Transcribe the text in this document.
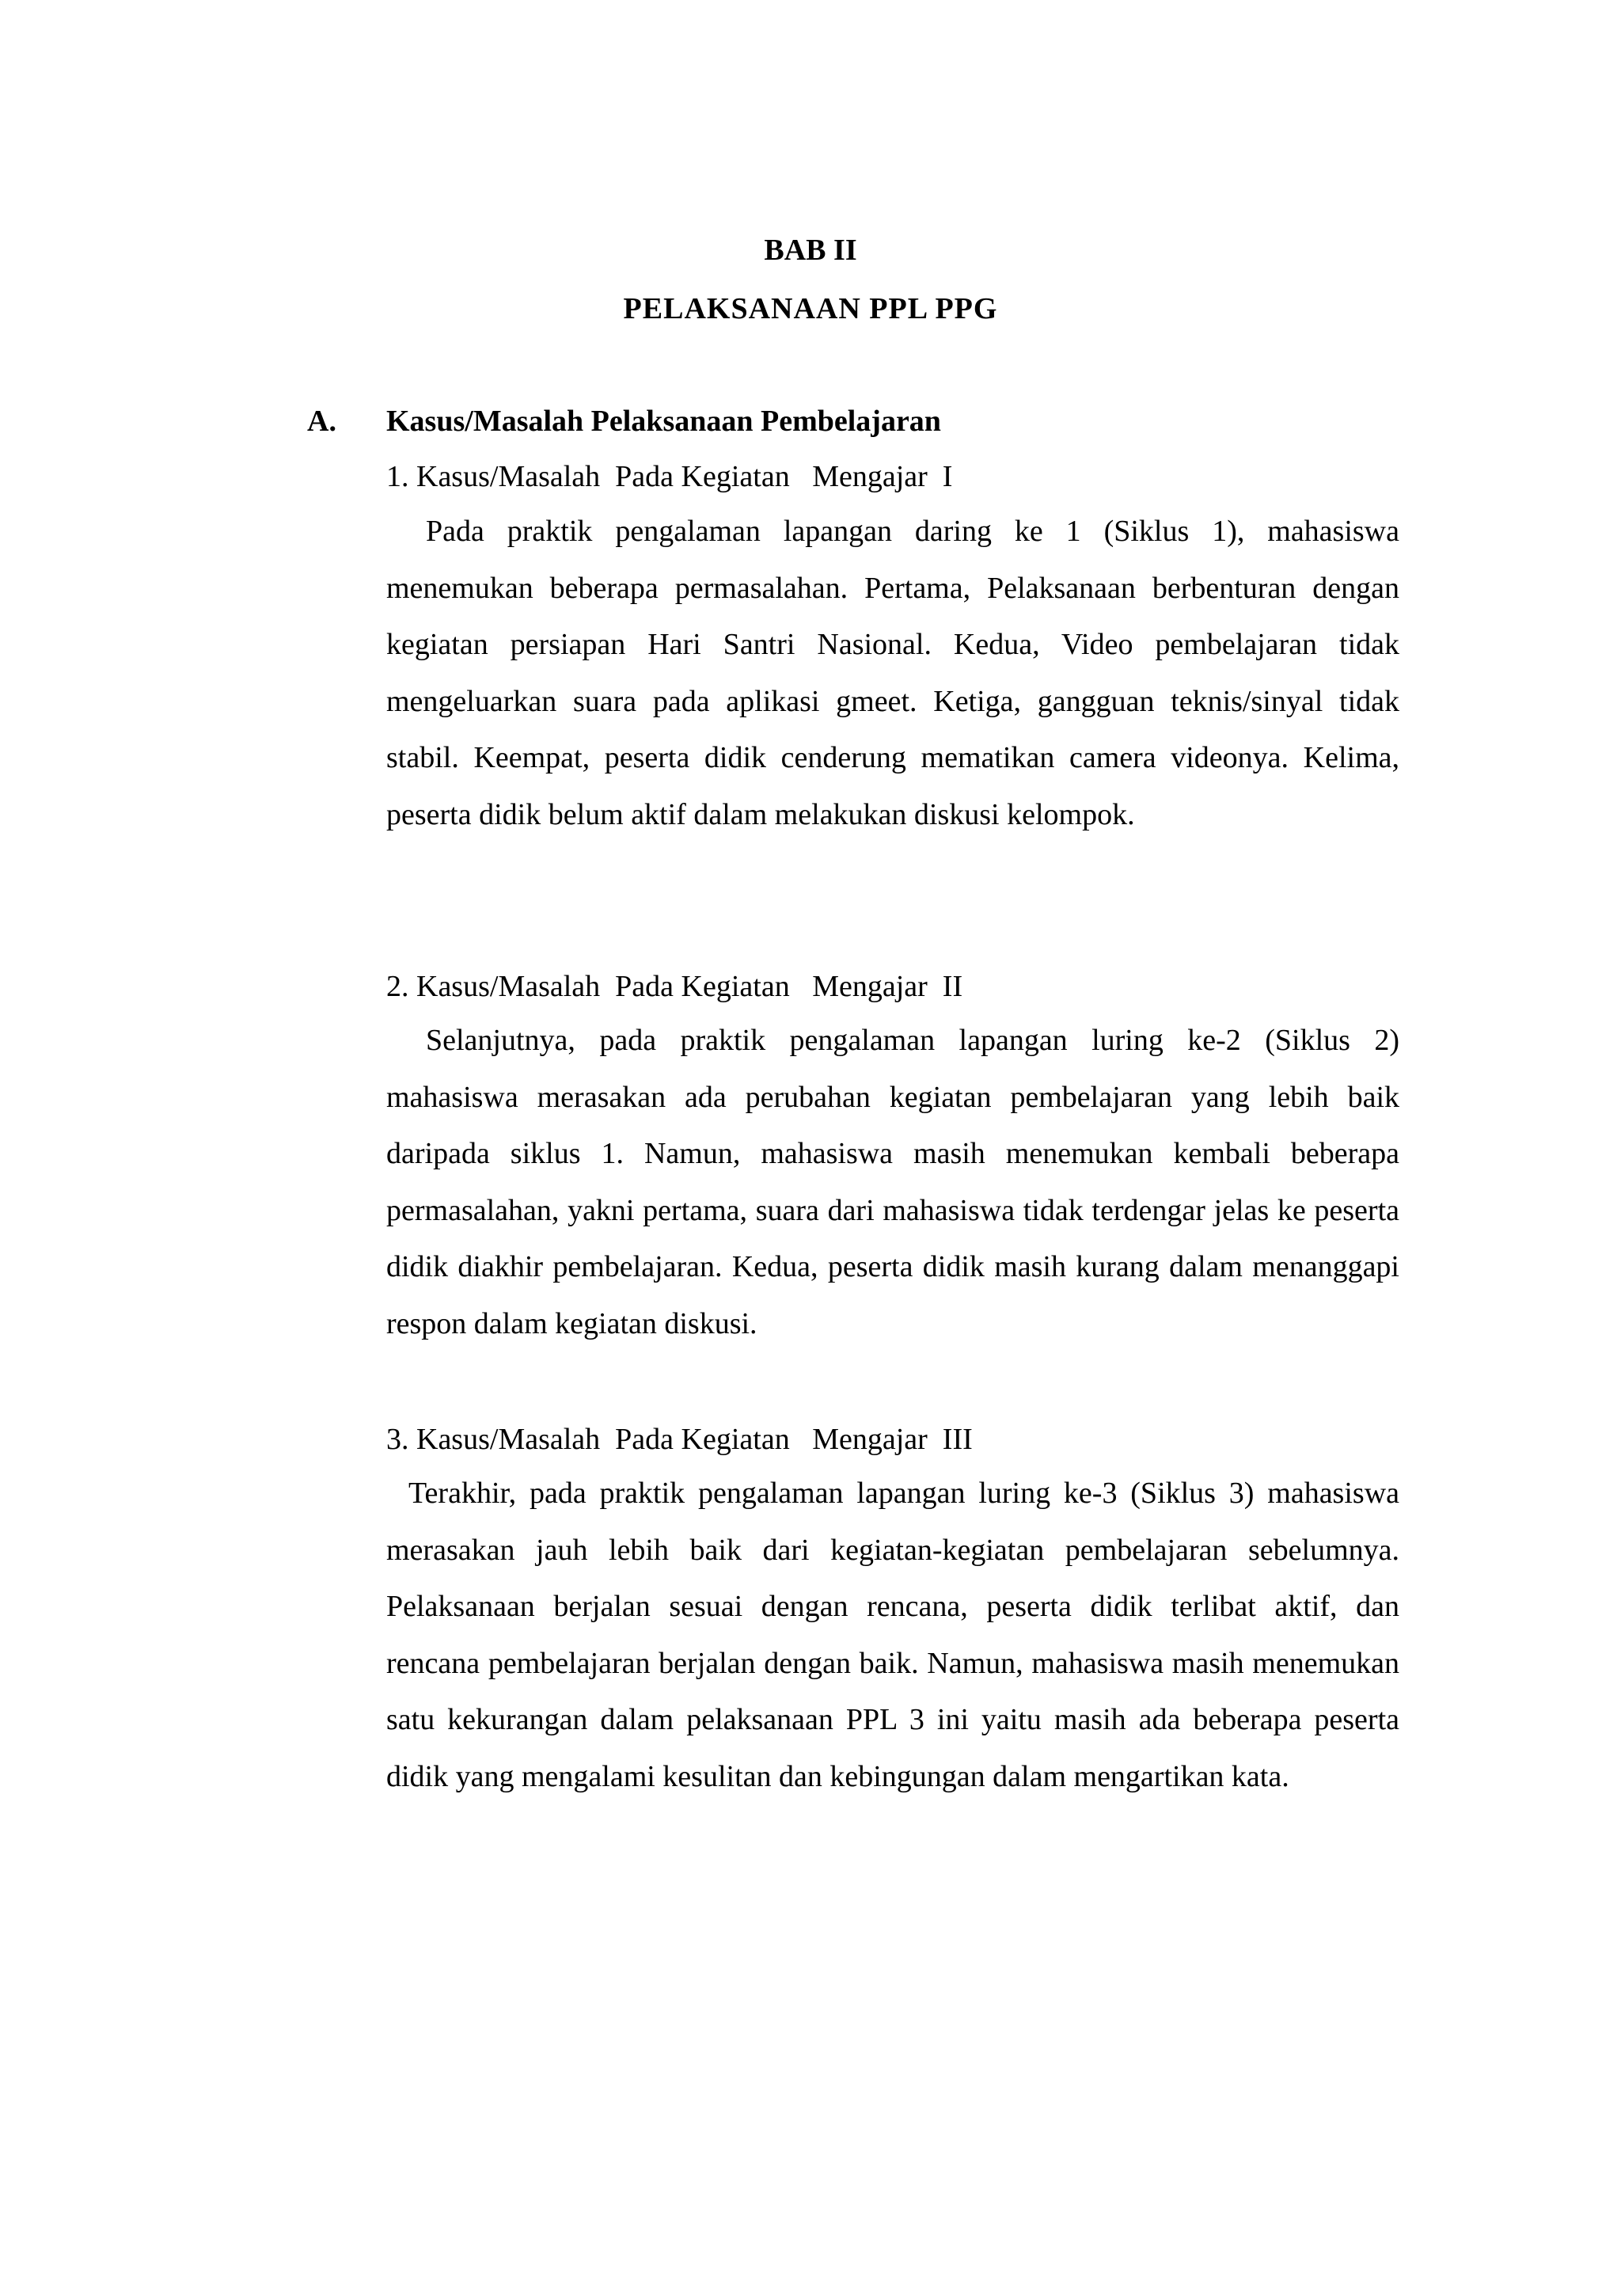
BAB II
PELAKSANAAN PPL PPG
A. Kasus/Masalah Pelaksanaan Pembelajaran
1. Kasus/Masalah  Pada Kegiatan   Mengajar  I

Pada praktik pengalaman lapangan daring ke 1 (Siklus 1), mahasiswa menemukan beberapa permasalahan. Pertama, Pelaksanaan berbenturan dengan kegiatan persiapan Hari Santri Nasional. Kedua, Video pembelajaran tidak mengeluarkan suara pada aplikasi gmeet. Ketiga, gangguan teknis/sinyal tidak stabil. Keempat, peserta didik cenderung mematikan camera videonya. Kelima, peserta didik belum aktif dalam melakukan diskusi kelompok.

2. Kasus/Masalah  Pada Kegiatan   Mengajar  II

Selanjutnya, pada praktik pengalaman lapangan luring ke-2 (Siklus 2) mahasiswa merasakan ada perubahan kegiatan pembelajaran yang lebih baik daripada siklus 1. Namun, mahasiswa masih menemukan kembali beberapa permasalahan, yakni pertama, suara dari mahasiswa tidak terdengar jelas ke peserta didik diakhir pembelajaran. Kedua, peserta didik masih kurang dalam menanggapi respon dalam kegiatan diskusi.

3. Kasus/Masalah  Pada Kegiatan   Mengajar  III

Terakhir, pada praktik pengalaman lapangan luring ke-3 (Siklus 3) mahasiswa merasakan jauh lebih baik dari kegiatan-kegiatan pembelajaran sebelumnya. Pelaksanaan berjalan sesuai dengan rencana, peserta didik terlibat aktif, dan rencana pembelajaran berjalan dengan baik. Namun, mahasiswa masih menemukan satu kekurangan dalam pelaksanaan PPL 3 ini yaitu masih ada beberapa peserta didik yang mengalami kesulitan dan kebingungan dalam mengartikan kata.
